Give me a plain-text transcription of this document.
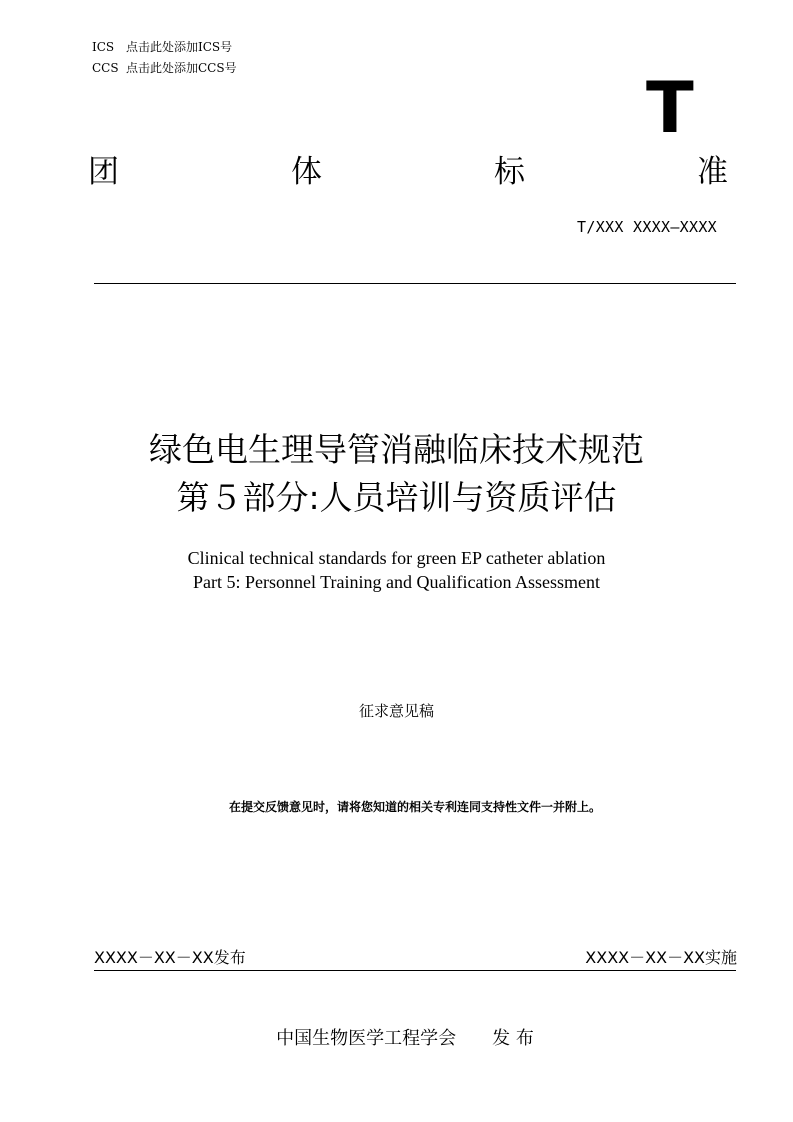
ICS 点击此处添加ICS号
CCS 点击此处添加CCS号	T
团	体	标	准
T/XXX XXXX—XXXX
绿色电生理导管消融临床技术规范
第５部分:人员培训与资质评估
Clinical technical standards for green EP catheter ablation
Part 5: Personnel Training and Qualification Assessment
征求意见稿
在提交反馈意见时，请将您知道的相关专利连同支持性文件一并附上。
XXXX－XX－XX发布	XXXX－XX－XX实施
中国生物医学工程学会 发 布
